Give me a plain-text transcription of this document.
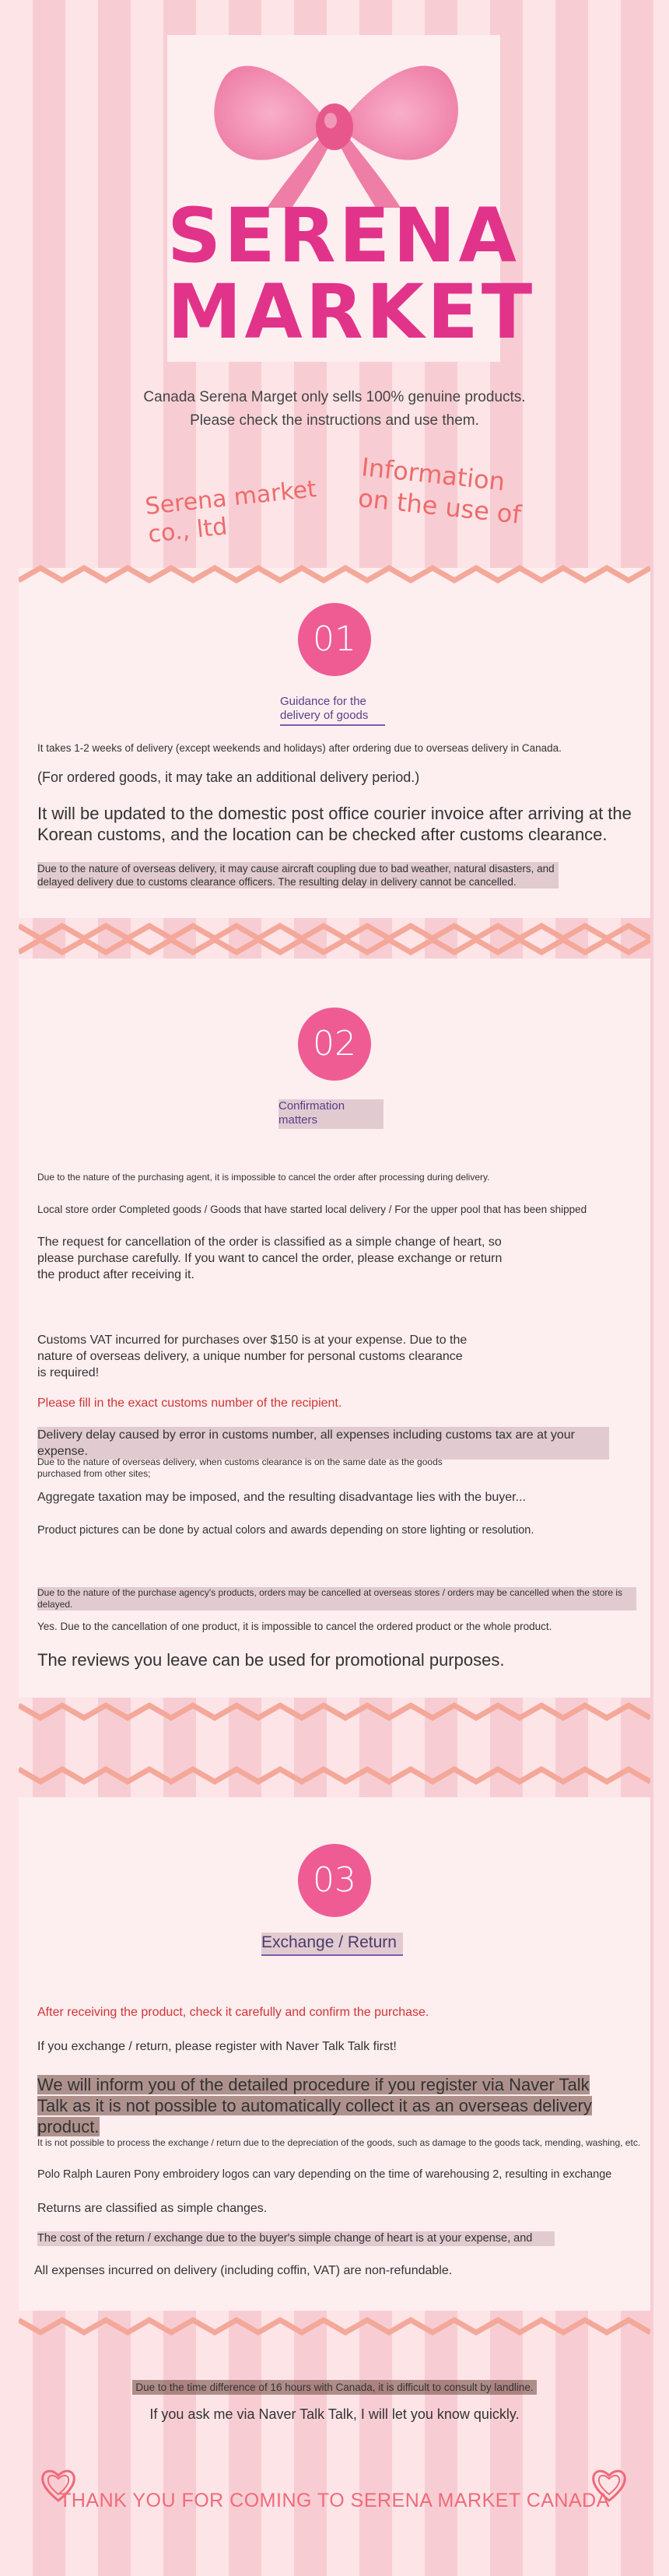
SERENA
MARKET
Canada Serena Marget only sells 100% genuine products.
Please check the instructions and use them.
Serena market co., ltd
Information on the use of
01
Guidance for the delivery of goods
It takes 1-2 weeks of delivery (except weekends and holidays) after ordering due to overseas delivery in Canada.
(For ordered goods, it may take an additional delivery period.)
It will be updated to the domestic post office courier invoice after arriving at the Korean customs, and the location can be checked after customs clearance.
Due to the nature of overseas delivery, it may cause aircraft coupling due to bad weather, natural disasters, and delayed delivery due to customs clearance officers. The resulting delay in delivery cannot be cancelled.
02
Confirmation matters
Due to the nature of the purchasing agent, it is impossible to cancel the order after processing during delivery.
Local store order Completed goods / Goods that have started local delivery / For the upper pool that has been shipped
The request for cancellation of the order is classified as a simple change of heart, so please purchase carefully. If you want to cancel the order, please exchange or return the product after receiving it.
Customs VAT incurred for purchases over $150 is at your expense. Due to the nature of overseas delivery, a unique number for personal customs clearance is required!
Please fill in the exact customs number of the recipient.
Delivery delay caused by error in customs number, all expenses including customs tax are at your expense.
Due to the nature of overseas delivery, when customs clearance is on the same date as the goods purchased from other sites;
Aggregate taxation may be imposed, and the resulting disadvantage lies with the buyer...
Product pictures can be done by actual colors and awards depending on store lighting or resolution.
Due to the nature of the purchase agency's products, orders may be cancelled at overseas stores / orders may be cancelled when the store is delayed.
Yes. Due to the cancellation of one product, it is impossible to cancel the ordered product or the whole product.
The reviews you leave can be used for promotional purposes.
03
Exchange / Return
After receiving the product, check it carefully and confirm the purchase.
If you exchange / return, please register with Naver Talk Talk first!
We will inform you of the detailed procedure if you register via Naver Talk Talk as it is not possible to automatically collect it as an overseas delivery product.
It is not possible to process the exchange / return due to the depreciation of the goods, such as damage to the goods tack, mending, washing, etc.
Polo Ralph Lauren Pony embroidery logos can vary depending on the time of warehousing 2, resulting in exchange
Returns are classified as simple changes.
The cost of the return / exchange due to the buyer's simple change of heart is at your expense, and
All expenses incurred on delivery (including coffin, VAT) are non-refundable.
Due to the time difference of 16 hours with Canada, it is difficult to consult by landline.
If you ask me via Naver Talk Talk, I will let you know quickly.
THANK YOU FOR COMING TO SERENA MARKET CANADA
